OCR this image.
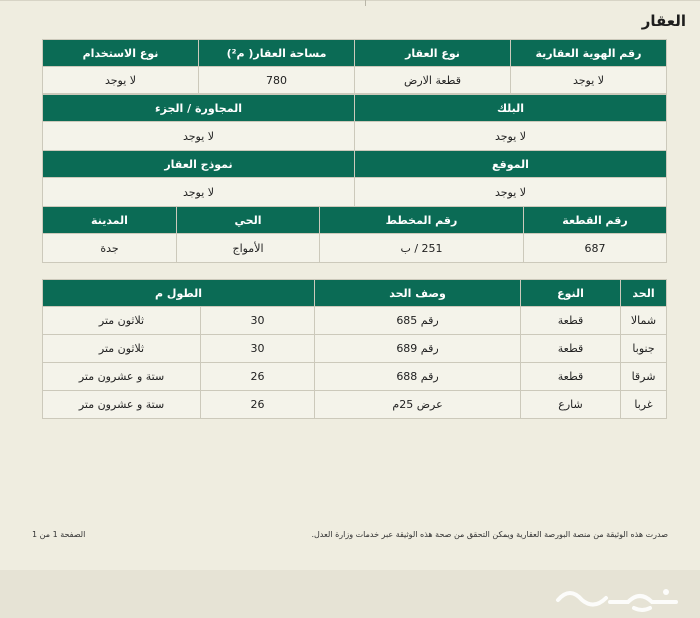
العقار
رقم الهوية العقارية	نوع العقار	مساحة العقار( م²)	نوع الاستخدام
لا يوجد	قطعة الارض	780	لا يوجد
البلك	المجاورة / الجزء
لا يوجد	لا يوجد
الموقع	نموذج العقار
لا يوجد	لا يوجد
رقم القطعة	رقم المخطط	الحي	المدينة
687	251 / ب	الأمواج	جدة
الحد	النوع	وصف الحد	الطول م	
شمالا	قطعة	رقم 685	30	ثلاثون متر
جنوبا	قطعة	رقم 689	30	ثلاثون متر
شرقا	قطعة	رقم 688	26	ستة و عشرون متر
غربا	شارع	عرض 25م	26	ستة و عشرون متر
صدرت هذه الوثيقة من منصة البورصة العقارية ويمكن التحقق من صحة هذه الوثيقة عبر خدمات وزارة العدل.
الصفحة 1 من 1
